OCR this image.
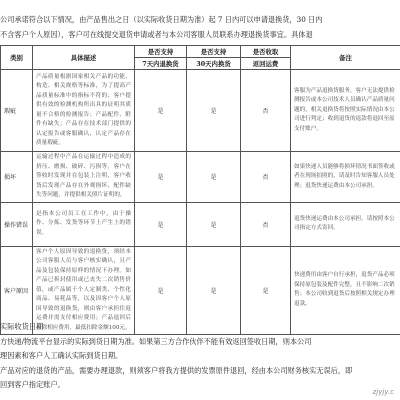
公司承诺符合以下情况，由产品售出之日（以实际收货日期为准）起 7 日内可以申请退换货，30 日内
不含客户个人原因），客户可在线提交退货申请或者与本公司客服人员联系办理退换货事宜。具体退
类别	具体描述	是否支持	是否支持	是否收取	备注
		7天内退换货	30天内换货	返回运费	
瑕疵	产品质量根据国家相关产品的功能、构造、相关规格等标准，为了提高产品质量标准中的指标不符的；客户提供有效的检测机构所出具的证明其质量不合格的检测报告；产品配件、附件有缺失；产品存在技术部门提供的认定报告或客服确认，认定产品存在质量瑕疵。	是	是	否	客服为产品退换货服务，客户无法提供检测报告或本公司技术人员确认产品质量问题的，相关退换货将按照实际情况由本公司进行判定；收到退货的退款将退回至原支付账户。
损坏	运输过程中产品在运输过程中造成的挤压、磨损、破碎、污损等，客户在签收时发现并在包装上注明，客户收货后发现产品存在外观损坏、配件缺失等问题，并提供相关照片证明的。	是	是	否	如果快递人员能够将损坏情况书面签收或者在现场拍照的，请及时告知客服人员处理；退货快递运费由本公司承担。
操作错误	是指本公司员工在工作中，由于操作、分拣、发货等环节上产生上的错误。	是	是	否	退货快递运费由本公司承担，请按照本公司指定方式寄回。
客户原因	客户个人原因导致的退换货，须经本公司客服人员与客户核实确认，且产品及包装保持原样的情况下办理。如产品已拆封使用或已丧失二次销售价值，或产品属于个人定制类、个性化商品、易耗品等，以及因客户个人原因导致的退换货，则由客户承担往返运费并需支付相应费用；产品退回后扣除相应费用，最低扣除金额100元。	是	是	是	快递费用由客户自行承担，退货产品必须保持原包装及配件完整，且不影响二次销售；本公司收到退货后按照相关规定办理退款。
实际收货日期
方快递/物流平台显示的实际到货日期为准。如果第三方合作伙伴不能有效返回签收日期，则本公司
理因素和客户人工确认实际到货日期。
产品对应的退货的产品，需要办理退款，则须客户将我方提供的发票原件退回，经由本公司财务核实无误后，即
回到客户指定账户。
zjyjy.c
